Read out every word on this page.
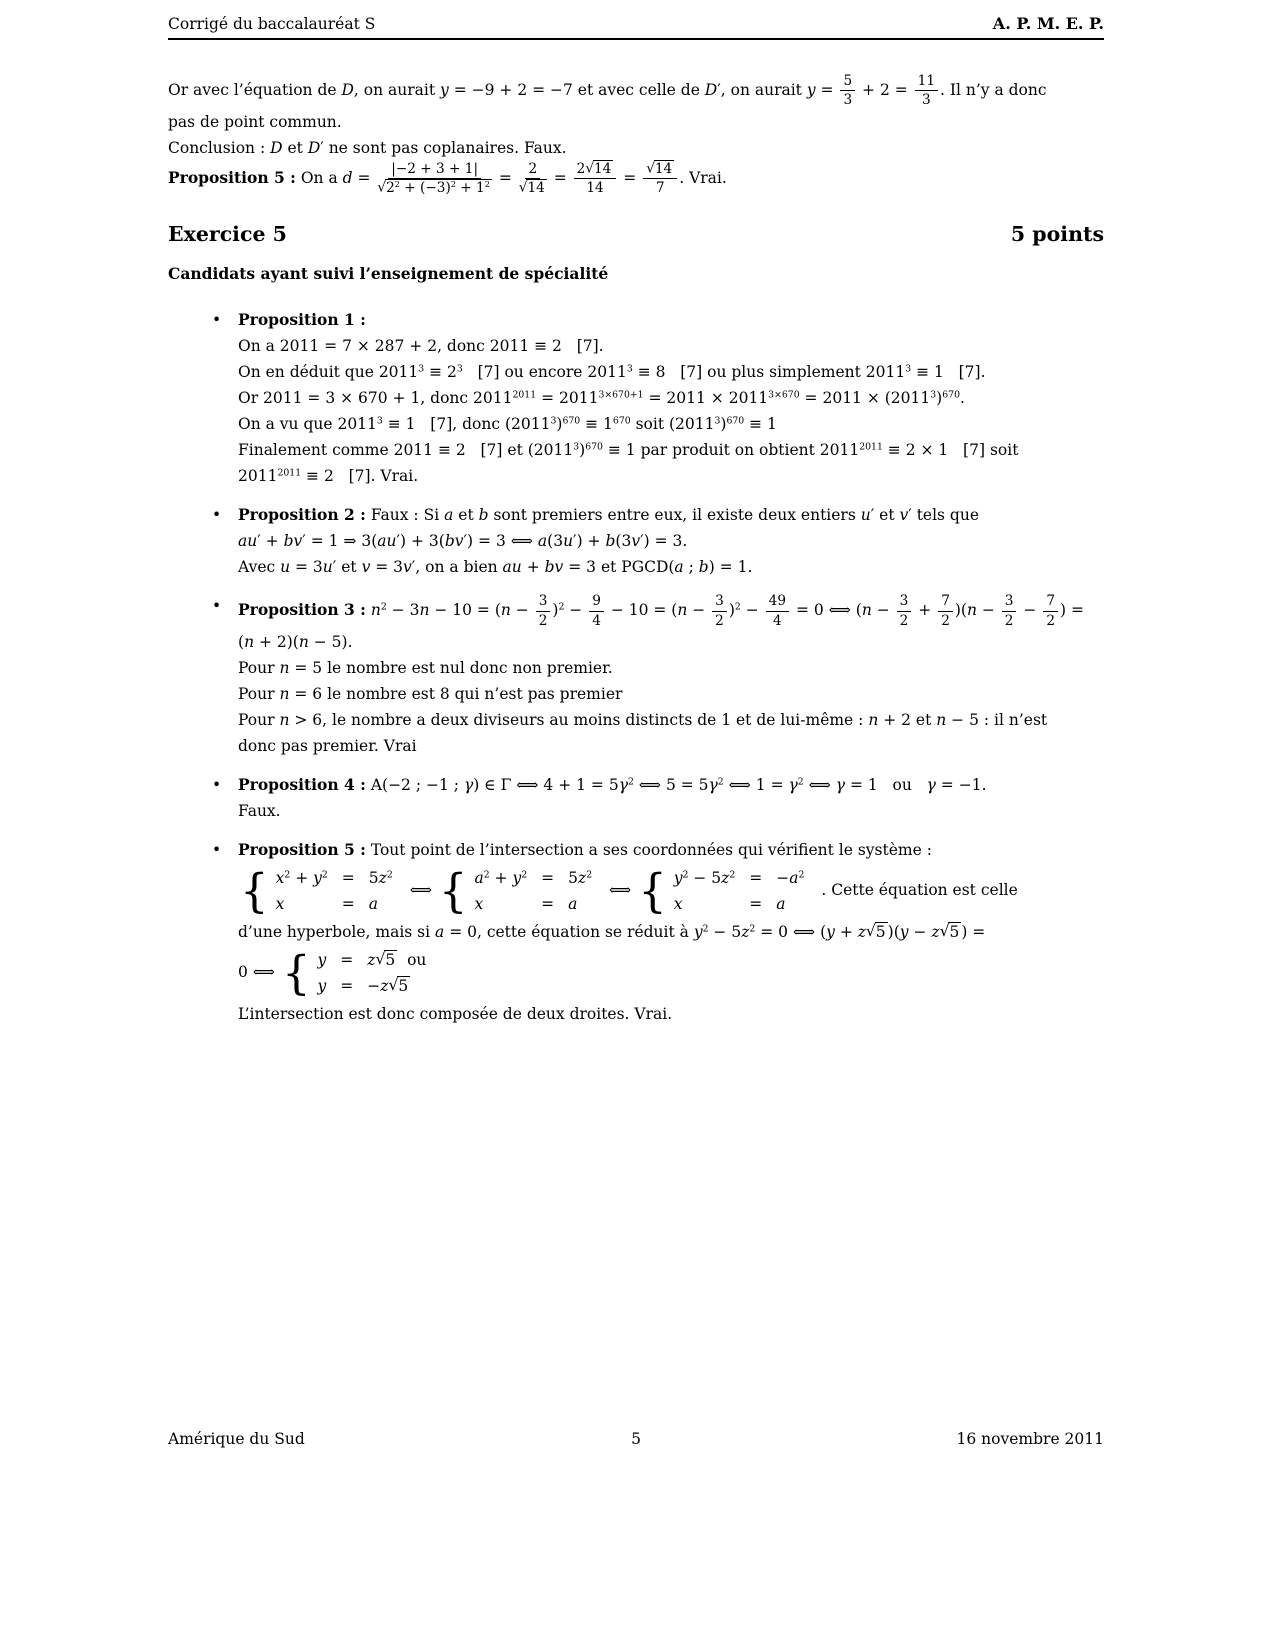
Corrigé du baccalauréat S	A. P. M. E. P.
Or avec l’équation de D, on aurait y = −9 + 2 = −7 et avec celle de D′, on aurait $y = \frac{5}{3} + 2 = \frac{11}{3}$ . Il n’y a donc
pas de point commun.
Conclusion : D et D′ ne sont pas coplanaires. Faux.
Proposition 5 : On a $d = \frac{|-2 + 3 + 1|}{√2^2 + (-3)^2 + 1^2} = \frac{2}{√14} = \frac{2√14}{14} = \frac{√14}{7}$ . Vrai.
Exercice 5	5 points
Candidats ayant suivi l’enseignement de spécialité
•	Proposition 1 :
On a 2011 = 7 × 287 + 2, donc 2011 ≡ 2   [7].
On en déduit que $2011^3 \equiv 2^3$   [7] ou encore $2011^3 \equiv 8$   [7] ou plus simplement $2011^3 \equiv 1$   [7].
Or 2011 = 3 × 670 + 1, donc $2011^{2011} = 2011^{3\times 670+1} = 2011 \times 2011^{3\times 670} = 2011 \times (2011^3)^{670}$.
On a vu que $2011^3 \equiv 1$   [7], donc $(2011^3)^{670} \equiv 1^{670}$ soit $(2011^3)^{670} \equiv 1$
Finalement comme 2011 ≡ 2   [7] et $(2011^3)^{670} \equiv 1$ par produit on obtient $2011^{2011} \equiv 2 \times 1$   [7] soit
$2011^{2011} \equiv 2$   [7]. Vrai.
•	Proposition 2 : Faux : Si a et b sont premiers entre eux, il existe deux entiers u′ et v′ tels que
au′ + bv′ = 1 ⇒ 3(au′) + 3(bv′) = 3 ⟺ a(3u′) + b(3v′) = 3.
Avec u = 3u′ et v = 3v′, on a bien au + bv = 3 et PGCD(a ; b) = 1.
•	Proposition 3 : $n^2 - 3n - 10 = (n - \frac{3}{2} )^2 - \frac{9}{4} - 10 = (n - \frac{3}{2} )^2 - \frac{49}{4} = 0$ ⟺ $(n - \frac{3}{2} + \frac{7}{2} )(n - \frac{3}{2} - \frac{7}{2}$ ) =
(n + 2)(n − 5).
Pour n = 5 le nombre est nul donc non premier.
Pour n = 6 le nombre est 8 qui n’est pas premier
Pour n > 6, le nombre a deux diviseurs au moins distincts de 1 et de lui-même : n + 2 et n − 5 : il n’est
donc pas premier. Vrai
•	Proposition 4 : A(−2 ; −1 ; γ) ∈ Γ ⟺ $4 + 1 = 5\gamma^2$ ⟺ $5 = 5\gamma^2$ ⟺ $1 = \gamma^2$ ⟺ γ = 1   ou   γ = −1.
Faux.
•	Proposition 5 : Tout point de l’intersection a ses coordonnées qui vérifient le système :
{ $x^2 + y^2$	=	$5z^2$
x	=	a
⟺ { $a^2 + y^2$	=	$5z^2$
x	=	a
⟺ { $y^2 - 5z^2$	=	$-a^2$
x	=	a
. Cette équation est celle
d’une hyperbole, mais si a = 0, cette équation se réduit à $y^2 - 5z^2 = 0$ ⟺ (y + z√5 )(y − z√5 ) =
0 ⟺ { y	=	z√5  ou
y	=	−z√5
L’intersection est donc composée de deux droites. Vrai.
Amérique du Sud	5	16 novembre 2011
